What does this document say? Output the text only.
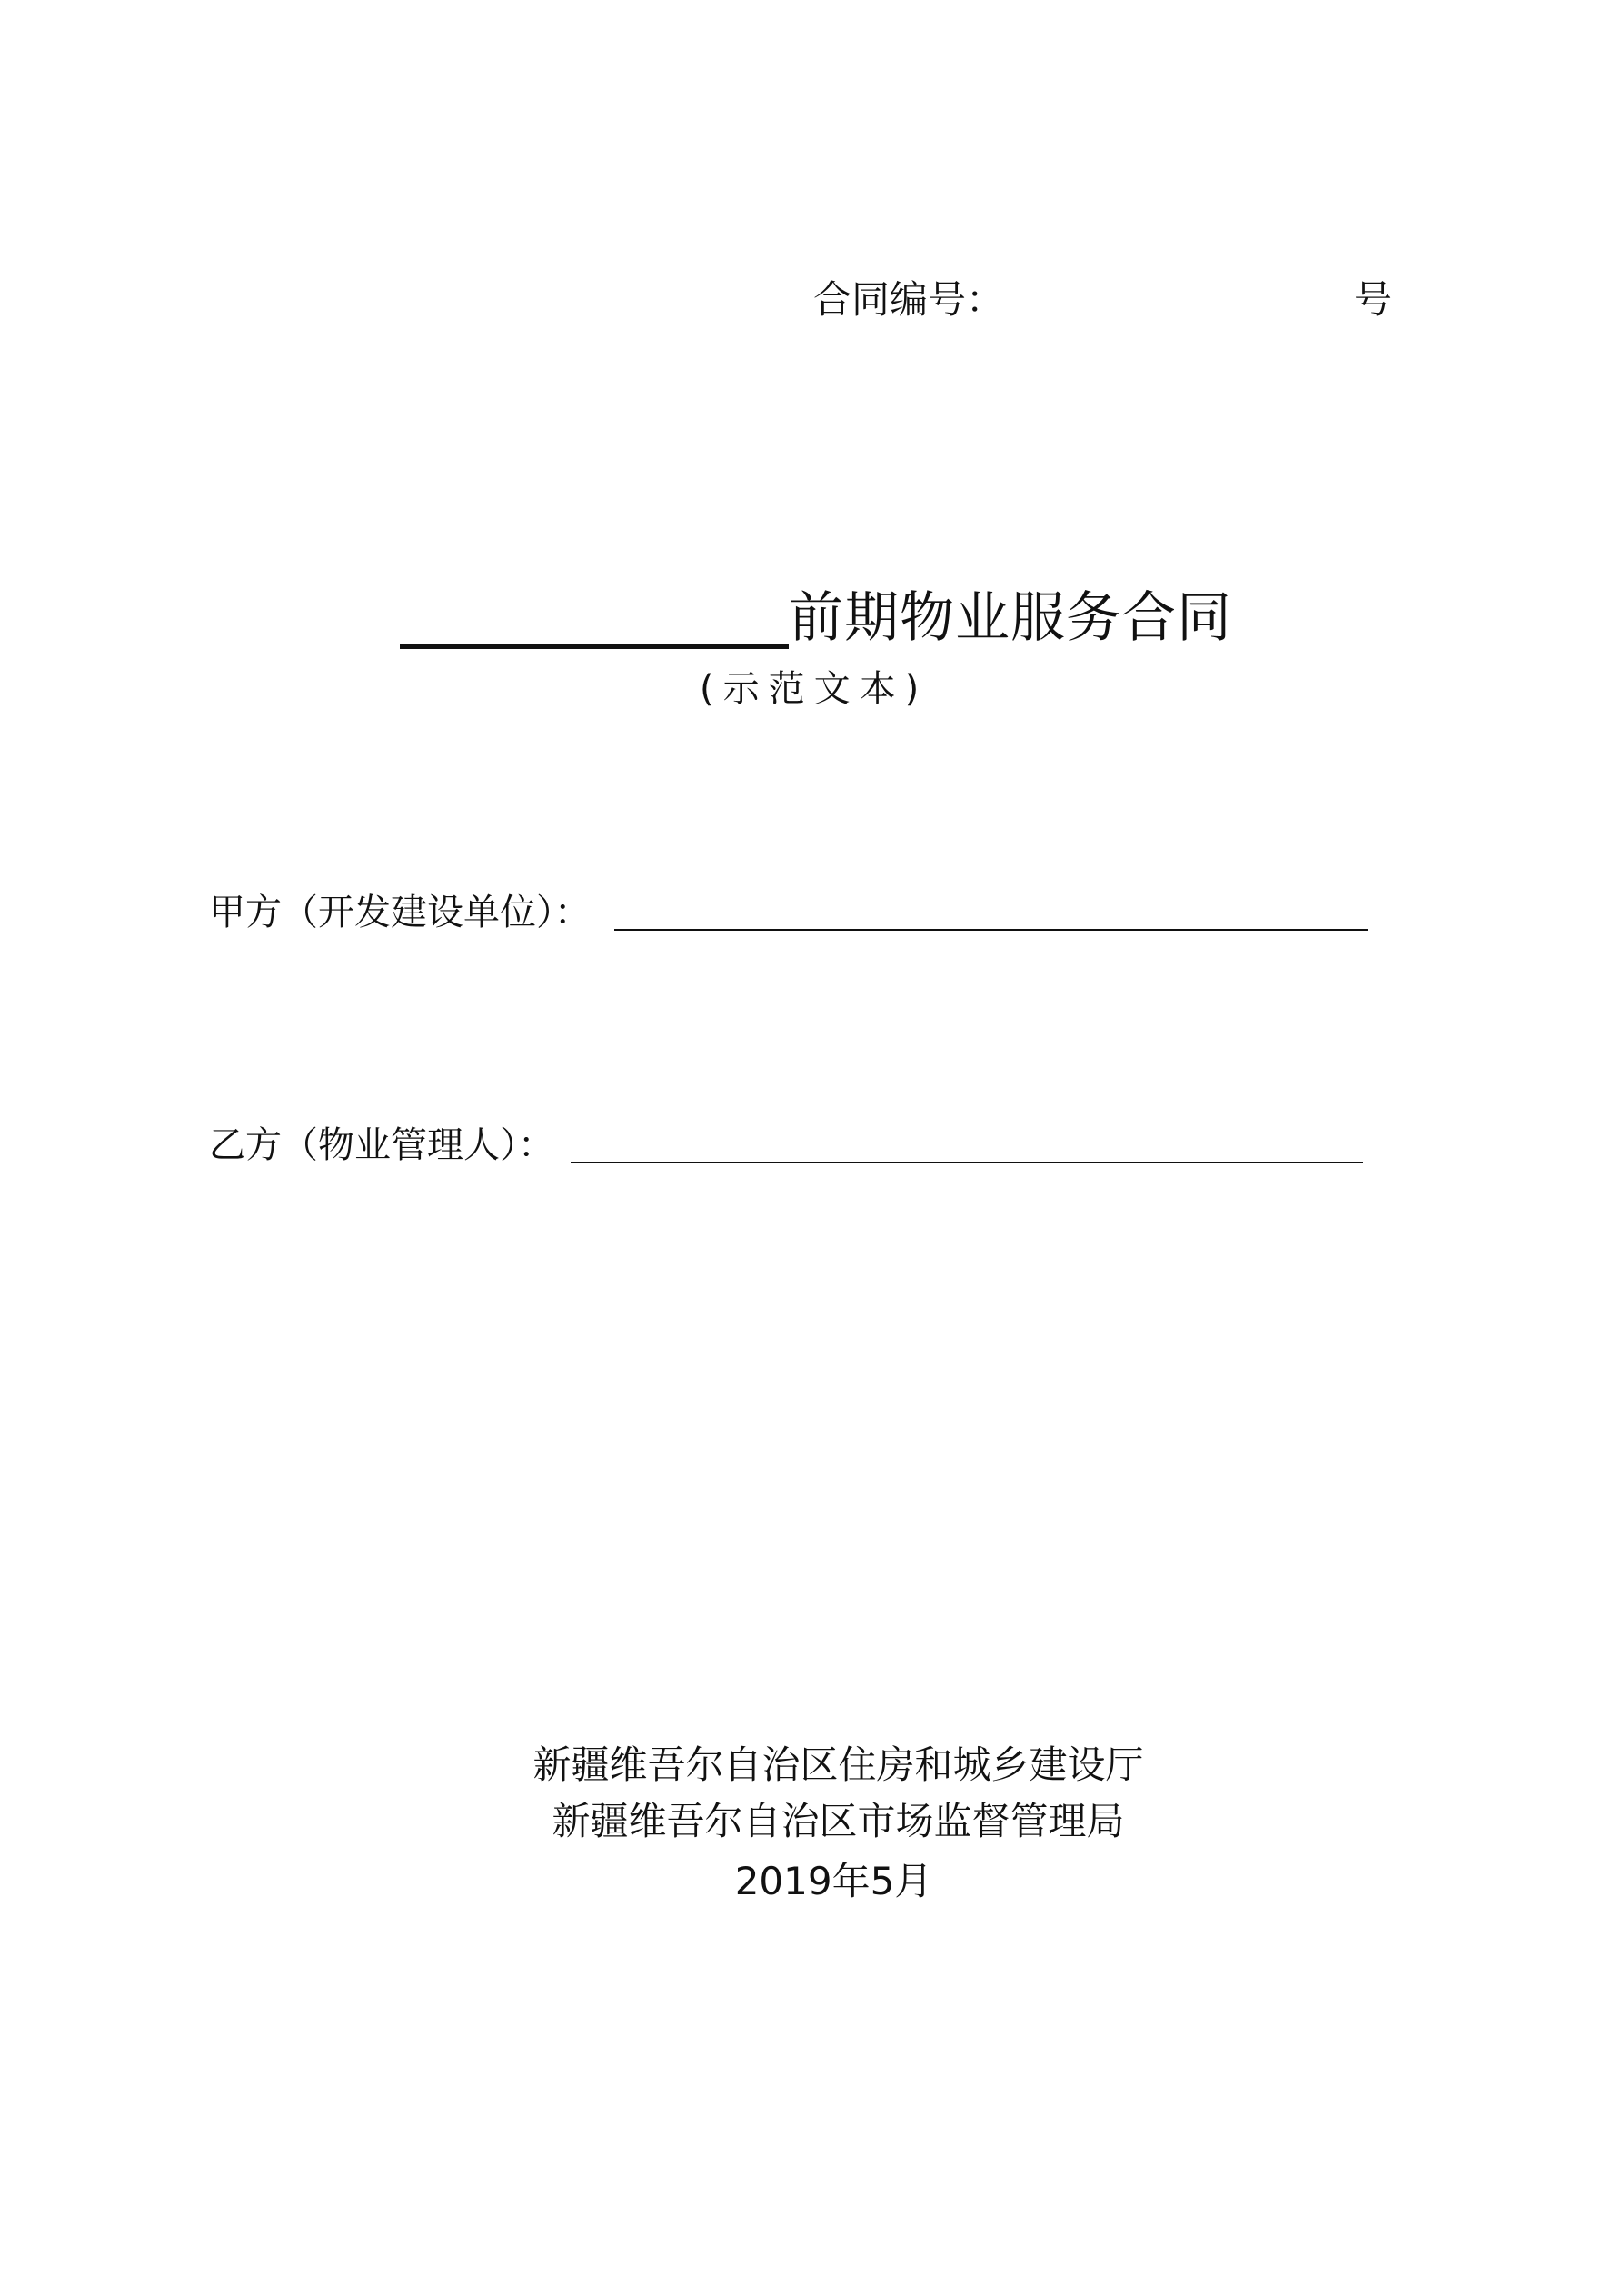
合同编号：	号
前期物业服务合同
(示范文本)
甲方（开发建设单位）：
乙方（物业管理人）：
新疆维吾尔自治区住房和城乡建设厅
新疆维吾尔自治区市场监督管理局
2019年5月
